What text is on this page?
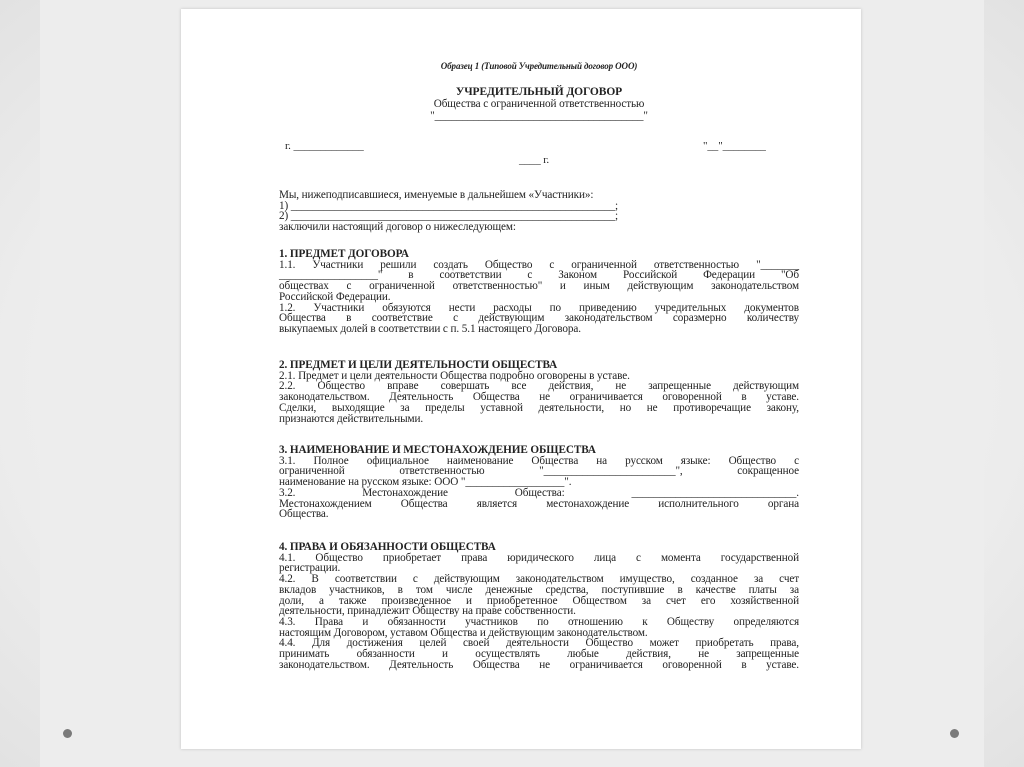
Образец 1 (Типовой Учредительный договор ООО)
УЧРЕДИТЕЛЬНЫЙ ДОГОВОР
Общества с ограниченной ответственностью
"______________________________________"
г. _____________	"__"________
____ г.
Мы, нижеподписавшиеся, именуемые в дальнейшем «Участники»:
1) ___________________________________________________________;
2) ___________________________________________________________;
заключили настоящий договор о нижеследующем:
1. ПРЕДМЕТ ДОГОВОРА
1.1. Участники решили создать Общество с ограниченной ответственностью "_______
__________________" в соответствии с Законом Российской Федерации "Об
обществах с ограниченной ответственностью" и иным действующим законодательством
Российской Федерации.
1.2. Участники обязуются нести расходы по приведению учредительных документов
Общества в соответствие с действующим законодательством соразмерно количеству
выкупаемых долей в соответствии с п. 5.1 настоящего Договора.
2. ПРЕДМЕТ И ЦЕЛИ ДЕЯТЕЛЬНОСТИ ОБЩЕСТВА
2.1. Предмет и цели деятельности Общества подробно оговорены в уставе.
2.2. Общество вправе совершать все действия, не запрещенные действующим
законодательством. Деятельность Общества не ограничивается оговоренной в уставе.
Сделки, выходящие за пределы уставной деятельности, но не противоречащие закону,
признаются действительными.
3. НАИМЕНОВАНИЕ И МЕСТОНАХОЖДЕНИЕ ОБЩЕСТВА
3.1. Полное официальное наименование Общества на русском языке: Общество с
ограниченной ответственностью "________________________", сокращенное
наименование на русском языке: ООО "__________________".
3.2. Местонахождение Общества: ______________________________.
Местонахождением Общества является местонахождение исполнительного органа
Общества.
4. ПРАВА И ОБЯЗАННОСТИ ОБЩЕСТВА
4.1. Общество приобретает права юридического лица с момента государственной
регистрации.
4.2. В соответствии с действующим законодательством имущество, созданное за счет
вкладов участников, в том числе денежные средства, поступившие в качестве платы за
доли, а также произведенное и приобретенное Обществом за счет его хозяйственной
деятельности, принадлежит Обществу на праве собственности.
4.3. Права и обязанности участников по отношению к Обществу определяются
настоящим Договором, уставом Общества и действующим законодательством.
4.4. Для достижения целей своей деятельности Общество может приобретать права,
принимать обязанности и осуществлять любые действия, не запрещенные
законодательством. Деятельность Общества не ограничивается оговоренной в уставе.
